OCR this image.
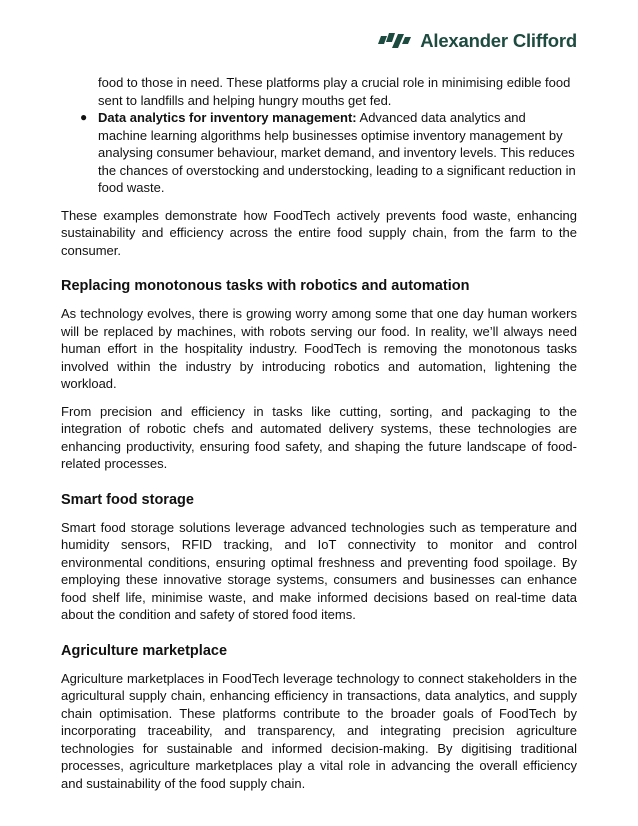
Alexander Clifford
food to those in need. These platforms play a crucial role in minimising edible food sent to landfills and helping hungry mouths get fed.
● Data analytics for inventory management: Advanced data analytics and machine learning algorithms help businesses optimise inventory management by analysing consumer behaviour, market demand, and inventory levels. This reduces the chances of overstocking and understocking, leading to a significant reduction in food waste.

These examples demonstrate how FoodTech actively prevents food waste, enhancing sustainability and efficiency across the entire food supply chain, from the farm to the consumer.

Replacing monotonous tasks with robotics and automation

As technology evolves, there is growing worry among some that one day human workers will be replaced by machines, with robots serving our food. In reality, we’ll always need human effort in the hospitality industry. FoodTech is removing the monotonous tasks involved within the industry by introducing robotics and automation, lightening the workload.

From precision and efficiency in tasks like cutting, sorting, and packaging to the integration of robotic chefs and automated delivery systems, these technologies are enhancing productivity, ensuring food safety, and shaping the future landscape of food-related processes.

Smart food storage

Smart food storage solutions leverage advanced technologies such as temperature and humidity sensors, RFID tracking, and IoT connectivity to monitor and control environmental conditions, ensuring optimal freshness and preventing food spoilage. By employing these innovative storage systems, consumers and businesses can enhance food shelf life, minimise waste, and make informed decisions based on real-time data about the condition and safety of stored food items.

Agriculture marketplace

Agriculture marketplaces in FoodTech leverage technology to connect stakeholders in the agricultural supply chain, enhancing efficiency in transactions, data analytics, and supply chain optimisation. These platforms contribute to the broader goals of FoodTech by incorporating traceability, and transparency, and integrating precision agriculture technologies for sustainable and informed decision-making. By digitising traditional processes, agriculture marketplaces play a vital role in advancing the overall efficiency and sustainability of the food supply chain.
